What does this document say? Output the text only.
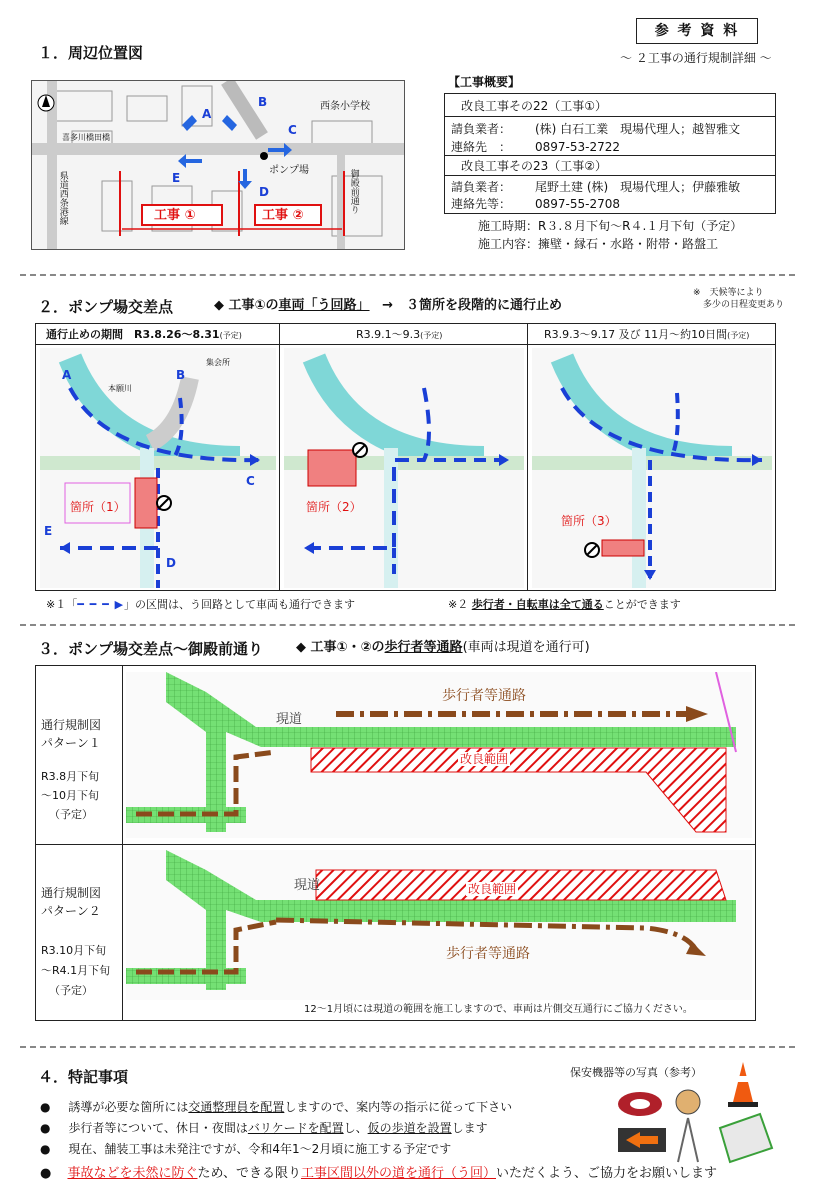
参 考 資 料
～ ２工事の通行規制詳細 ～
１．周辺位置図
西条小学校
ポンプ場	御殿前通り
県道西条港線
喜多川橋田橋
A
B
C
D
E
工事 ①	工事 ②
【工事概要】
改良工事その22（工事①）
請負業者： (株) 白石工業　現場代理人；越智雅文
連絡先　： 0897-53-2722
改良工事その23（工事②）
請負業者： 尾野土建 (株)　現場代理人；伊藤雅敏
連絡先等： 0897-55-2708
施工時期：R３.８月下旬～R４.１月下旬（予定）
施工内容：擁壁・縁石・水路・附帯・路盤工
２．ポンプ場交差点	◆ 工事①の車両「う回路」 →　３箇所を段階的に通行止め
※　天候等により
多少の日程変更あり
通行止めの期間　R3.8.26～8.31(予定)	R3.9.1～9.3(予定)	R3.9.3～9.17 及び 11月～約10日間(予定)
箇所（1）	箇所（2）
箇所（3）
A	B
C
D
E
本願川
集会所
※１「━ ━ ━ ▶」の区間は、う回路として車両も通行できます	※２ 歩行者・自転車は全て通ることができます
３．ポンプ場交差点～御殿前通り	◆ 工事①・②の歩行者等通路(車両は現道を通行可)
通行規制図
パターン１
R3.8月下旬
～10月下旬
（予定）
通行規制図
パターン２
R3.10月下旬
～R4.1月下旬
（予定）
歩行者等通路
現道
改良範囲
現道	改良範囲
歩行者等通路
12～1月頃には現道の範囲を施工しますので、車両は片側交互通行にご協力ください。
４．特記事項	保安機器等の写真（参考）
● 誘導が必要な箇所には交通整理員を配置しますので、案内等の指示に従って下さい
● 歩行者等について、休日・夜間はバリケードを配置し、仮の歩道を設置します
● 現在、舗装工事は未発注ですが、令和4年1～2月頃に施工する予定です
● 事故などを未然に防ぐため、できる限り工事区間以外の道を通行（う回）いただくよう、ご協力をお願いします
